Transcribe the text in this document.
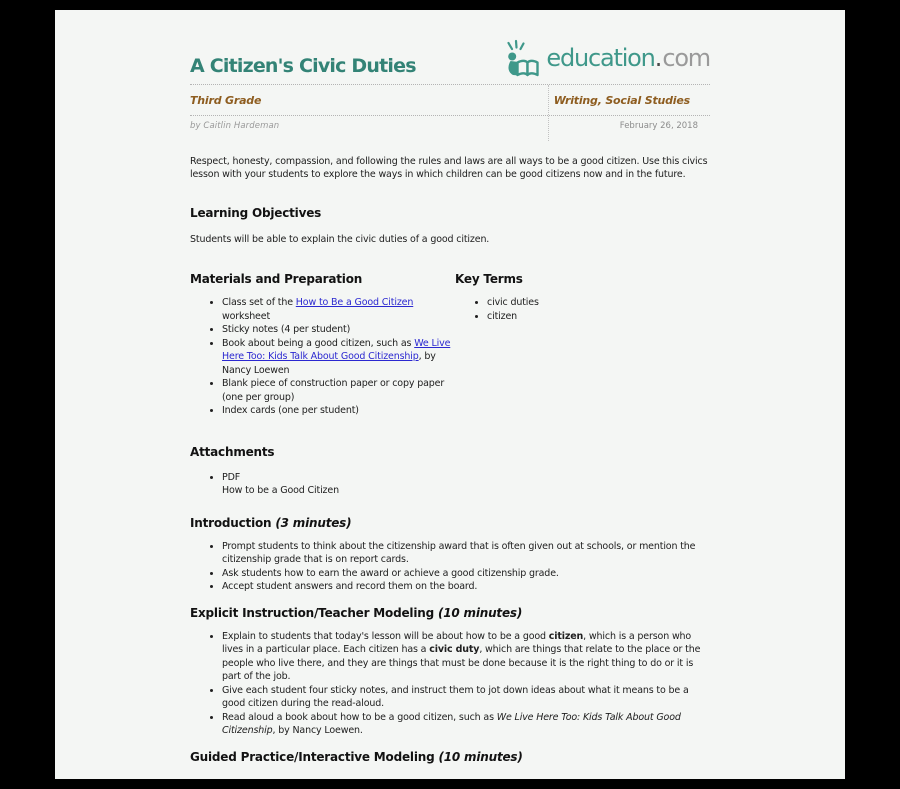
A Citizen's Civic Duties	education . com
Third Grade	Writing, Social Studies
by Caitlin Hardeman	February 26, 2018

Respect, honesty, compassion, and following the rules and laws are all ways to be a good citizen. Use this civics lesson with your students to explore the ways in which children can be good citizens now and in the future.

Learning Objectives

Students will be able to explain the civic duties of a good citizen.

Materials and Preparation
• Class set of the How to Be a Good Citizen worksheet
• Sticky notes (4 per student)
• Book about being a good citizen, such as We Live Here Too: Kids Talk About Good Citizenship, by Nancy Loewen
• Blank piece of construction paper or copy paper (one per group)
• Index cards (one per student)
Key Terms
• civic duties
• citizen
Attachments
• PDF
How to be a Good Citizen
Introduction (3 minutes)
• Prompt students to think about the citizenship award that is often given out at schools, or mention the citizenship grade that is on report cards.
• Ask students how to earn the award or achieve a good citizenship grade.
• Accept student answers and record them on the board.
Explicit Instruction/Teacher Modeling (10 minutes)
• Explain to students that today's lesson will be about how to be a good citizen, which is a person who lives in a particular place. Each citizen has a civic duty, which are things that relate to the place or the people who live there, and they are things that must be done because it is the right thing to do or it is part of the job.
• Give each student four sticky notes, and instruct them to jot down ideas about what it means to be a good citizen during the read-aloud.
• Read aloud a book about how to be a good citizen, such as We Live Here Too: Kids Talk About Good Citizenship, by Nancy Loewen.
Guided Practice/Interactive Modeling (10 minutes)
